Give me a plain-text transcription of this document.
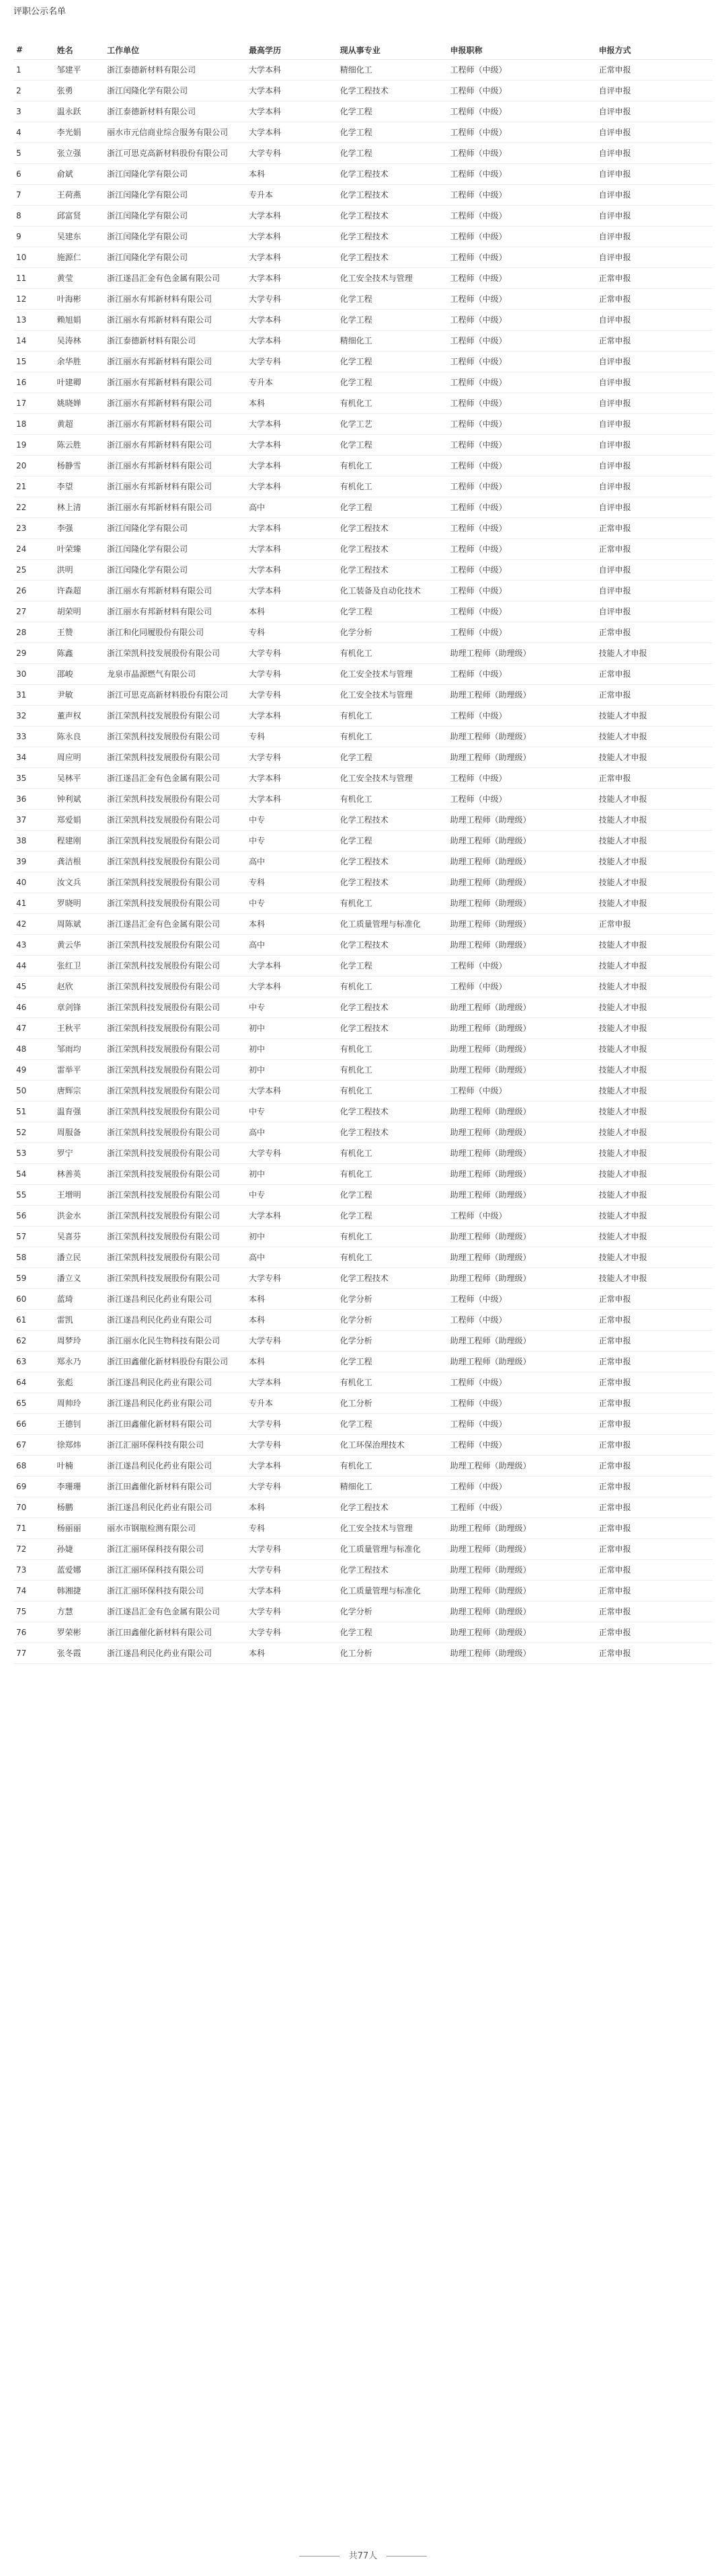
评职公示名单
#	姓名	工作单位	最高学历	现从事专业	申报职称	申报方式
1	邹建平	浙江泰德新材料有限公司	大学本科	精细化工	工程师（中级）	正常申报
2	张勇	浙江闰隆化学有限公司	大学本科	化学工程技术	工程师（中级）	自评申报
3	温永跃	浙江泰德新材料有限公司	大学本科	化学工程	工程师（中级）	自评申报
4	李光娟	丽水市元信商业综合服务有限公司	大学本科	化学工程	工程师（中级）	自评申报
5	张立强	浙江可思克高新材料股份有限公司	大学专科	化学工程	工程师（中级）	自评申报
6	俞斌	浙江闰隆化学有限公司	本科	化学工程技术	工程师（中级）	自评申报
7	王荷燕	浙江闰隆化学有限公司	专升本	化学工程技术	工程师（中级）	自评申报
8	邱富贤	浙江闰隆化学有限公司	大学本科	化学工程技术	工程师（中级）	自评申报
9	吴建东	浙江闰隆化学有限公司	大学本科	化学工程技术	工程师（中级）	自评申报
10	施源仁	浙江闰隆化学有限公司	大学本科	化学工程技术	工程师（中级）	自评申报
11	黄莹	浙江遂昌汇金有色金属有限公司	大学本科	化工安全技术与管理	工程师（中级）	正常申报
12	叶海彬	浙江丽水有邦新材料有限公司	大学专科	化学工程	工程师（中级）	正常申报
13	赖旭娟	浙江丽水有邦新材料有限公司	大学本科	化学工程	工程师（中级）	自评申报
14	吴涛林	浙江泰德新材料有限公司	大学本科	精细化工	工程师（中级）	正常申报
15	余华胜	浙江丽水有邦新材料有限公司	大学专科	化学工程	工程师（中级）	自评申报
16	叶建卿	浙江丽水有邦新材料有限公司	专升本	化学工程	工程师（中级）	自评申报
17	姚晓婵	浙江丽水有邦新材料有限公司	本科	有机化工	工程师（中级）	自评申报
18	黄超	浙江丽水有邦新材料有限公司	大学本科	化学工艺	工程师（中级）	自评申报
19	陈云胜	浙江丽水有邦新材料有限公司	大学本科	化学工程	工程师（中级）	自评申报
20	杨静雪	浙江丽水有邦新材料有限公司	大学本科	有机化工	工程师（中级）	自评申报
21	李望	浙江丽水有邦新材料有限公司	大学本科	有机化工	工程师（中级）	自评申报
22	林上清	浙江丽水有邦新材料有限公司	高中	化学工程	工程师（中级）	自评申报
23	李强	浙江闰隆化学有限公司	大学本科	化学工程技术	工程师（中级）	正常申报
24	叶荣臻	浙江闰隆化学有限公司	大学本科	化学工程技术	工程师（中级）	正常申报
25	洪明	浙江闰隆化学有限公司	大学本科	化学工程技术	工程师（中级）	自评申报
26	许森超	浙江丽水有邦新材料有限公司	大学本科	化工装备及自动化技术	工程师（中级）	自评申报
27	胡荣明	浙江丽水有邦新材料有限公司	本科	化学工程	工程师（中级）	自评申报
28	王赞	浙江和化同履股份有限公司	专科	化学分析	工程师（中级）	正常申报
29	陈鑫	浙江荣凯科技发展股份有限公司	大学专科	有机化工	助理工程师（助理级）	技能人才申报
30	邵峻	龙泉市晶源燃气有限公司	大学专科	化工安全技术与管理	工程师（中级）	正常申报
31	尹敏	浙江可思克高新材料股份有限公司	大学专科	化工安全技术与管理	助理工程师（助理级）	正常申报
32	董声权	浙江荣凯科技发展股份有限公司	大学本科	有机化工	工程师（中级）	技能人才申报
33	陈永良	浙江荣凯科技发展股份有限公司	专科	有机化工	助理工程师（助理级）	技能人才申报
34	周应明	浙江荣凯科技发展股份有限公司	大学专科	化学工程	助理工程师（助理级）	技能人才申报
35	吴林平	浙江遂昌汇金有色金属有限公司	大学本科	化工安全技术与管理	工程师（中级）	正常申报
36	钟利斌	浙江荣凯科技发展股份有限公司	大学本科	有机化工	工程师（中级）	技能人才申报
37	郑爱娟	浙江荣凯科技发展股份有限公司	中专	化学工程技术	助理工程师（助理级）	技能人才申报
38	程建刚	浙江荣凯科技发展股份有限公司	中专	化学工程	助理工程师（助理级）	技能人才申报
39	龚洁根	浙江荣凯科技发展股份有限公司	高中	化学工程技术	助理工程师（助理级）	技能人才申报
40	汝文兵	浙江荣凯科技发展股份有限公司	专科	化学工程技术	助理工程师（助理级）	技能人才申报
41	罗晓明	浙江荣凯科技发展股份有限公司	中专	有机化工	助理工程师（助理级）	技能人才申报
42	周陈斌	浙江遂昌汇金有色金属有限公司	本科	化工质量管理与标准化	助理工程师（助理级）	正常申报
43	黄云华	浙江荣凯科技发展股份有限公司	高中	化学工程技术	助理工程师（助理级）	技能人才申报
44	张红卫	浙江荣凯科技发展股份有限公司	大学本科	化学工程	工程师（中级）	技能人才申报
45	赵欣	浙江荣凯科技发展股份有限公司	大学本科	有机化工	工程师（中级）	技能人才申报
46	章剑锋	浙江荣凯科技发展股份有限公司	中专	化学工程技术	助理工程师（助理级）	技能人才申报
47	王秋平	浙江荣凯科技发展股份有限公司	初中	化学工程技术	助理工程师（助理级）	技能人才申报
48	邹雨均	浙江荣凯科技发展股份有限公司	初中	有机化工	助理工程师（助理级）	技能人才申报
49	雷举平	浙江荣凯科技发展股份有限公司	初中	有机化工	助理工程师（助理级）	技能人才申报
50	唐辉宗	浙江荣凯科技发展股份有限公司	大学本科	有机化工	工程师（中级）	技能人才申报
51	温育强	浙江荣凯科技发展股份有限公司	中专	化学工程技术	助理工程师（助理级）	技能人才申报
52	周服备	浙江荣凯科技发展股份有限公司	高中	化学工程技术	助理工程师（助理级）	技能人才申报
53	罗宁	浙江荣凯科技发展股份有限公司	大学专科	有机化工	助理工程师（助理级）	技能人才申报
54	林善英	浙江荣凯科技发展股份有限公司	初中	有机化工	助理工程师（助理级）	技能人才申报
55	王增明	浙江荣凯科技发展股份有限公司	中专	化学工程	助理工程师（助理级）	技能人才申报
56	洪金水	浙江荣凯科技发展股份有限公司	大学本科	化学工程	工程师（中级）	技能人才申报
57	吴喜芬	浙江荣凯科技发展股份有限公司	初中	有机化工	助理工程师（助理级）	技能人才申报
58	潘立民	浙江荣凯科技发展股份有限公司	高中	有机化工	助理工程师（助理级）	技能人才申报
59	潘立义	浙江荣凯科技发展股份有限公司	大学专科	化学工程技术	助理工程师（助理级）	技能人才申报
60	蓝琦	浙江遂昌利民化药业有限公司	本科	化学分析	工程师（中级）	正常申报
61	雷凯	浙江遂昌利民化药业有限公司	本科	化学分析	工程师（中级）	正常申报
62	周梦玲	浙江丽水化民生物科技有限公司	大学专科	化学分析	助理工程师（助理级）	正常申报
63	郑永乃	浙江田鑫催化新材料股份有限公司	本科	化学工程	助理工程师（助理级）	正常申报
64	张彪	浙江遂昌利民化药业有限公司	大学本科	有机化工	工程师（中级）	正常申报
65	周帅玲	浙江遂昌利民化药业有限公司	专升本	化工分析	工程师（中级）	正常申报
66	王德钊	浙江田鑫催化新材料有限公司	大学专科	化学工程	工程师（中级）	正常申报
67	徐郑炜	浙江汇丽环保科技有限公司	大学专科	化工环保治理技术	工程师（中级）	正常申报
68	叶楠	浙江遂昌利民化药业有限公司	大学本科	有机化工	助理工程师（助理级）	正常申报
69	李珊珊	浙江田鑫催化新材料有限公司	大学专科	精细化工	工程师（中级）	正常申报
70	杨鹏	浙江遂昌利民化药业有限公司	本科	化学工程技术	工程师（中级）	正常申报
71	杨丽丽	丽水市钢瓶检测有限公司	专科	化工安全技术与管理	助理工程师（助理级）	正常申报
72	孙婕	浙江汇丽环保科技有限公司	大学专科	化工质量管理与标准化	助理工程师（助理级）	正常申报
73	蓝爱娜	浙江汇丽环保科技有限公司	大学专科	化学工程技术	助理工程师（助理级）	正常申报
74	韩湘捷	浙江汇丽环保科技有限公司	大学本科	化工质量管理与标准化	助理工程师（助理级）	正常申报
75	方慧	浙江遂昌汇金有色金属有限公司	大学专科	化学分析	助理工程师（助理级）	正常申报
76	罗荣彬	浙江田鑫催化新材料有限公司	大学专科	化学工程	助理工程师（助理级）	正常申报
77	张冬霞	浙江遂昌利民化药业有限公司	本科	化工分析	助理工程师（助理级）	正常申报
共77人
